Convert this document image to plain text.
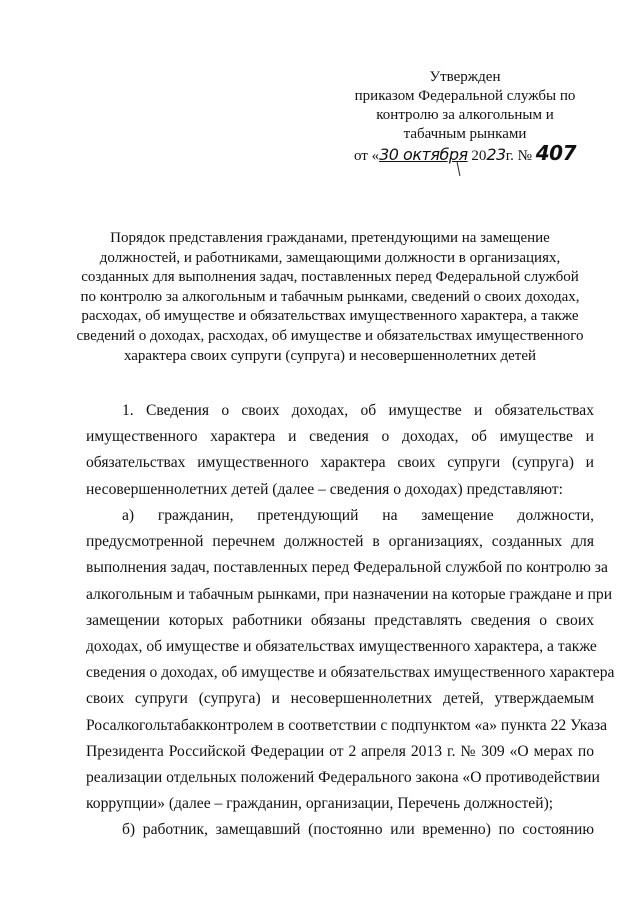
Утвержден
приказом Федеральной службы по
контролю за алкогольным и
табачным рынками
от «30 октября 2023г. № 407
Порядок представления гражданами, претендующими на замещение
должностей, и работниками, замещающими должности в организациях,
созданных для выполнения задач, поставленных перед Федеральной службой
по контролю за алкогольным и табачным рынками, сведений о своих доходах,
расходах, об имуществе и обязательствах имущественного характера, а также
сведений о доходах, расходах, об имуществе и обязательствах имущественного
характера своих супруги (супруга) и несовершеннолетних детей
1. Сведения о своих доходах, об имуществе и обязательствах
имущественного характера и сведения о доходах, об имуществе и
обязательствах имущественного характера своих супруги (супруга) и
несовершеннолетних детей (далее – сведения о доходах) представляют:
а) гражданин, претендующий на замещение должности,
предусмотренной перечнем должностей в организациях, созданных для
выполнения задач, поставленных перед Федеральной службой по контролю за
алкогольным и табачным рынками, при назначении на которые граждане и при
замещении которых работники обязаны представлять сведения о своих
доходах, об имуществе и обязательствах имущественного характера, а также
сведения о доходах, об имуществе и обязательствах имущественного характера
своих супруги (супруга) и несовершеннолетних детей, утверждаемым
Росалкогольтабакконтролем в соответствии с подпунктом «а» пункта 22 Указа
Президента Российской Федерации от 2 апреля 2013 г. № 309 «О мерах по
реализации отдельных положений Федерального закона «О противодействии
коррупции» (далее – гражданин, организации, Перечень должностей);
б) работник, замещавший (постоянно или временно) по состоянию
